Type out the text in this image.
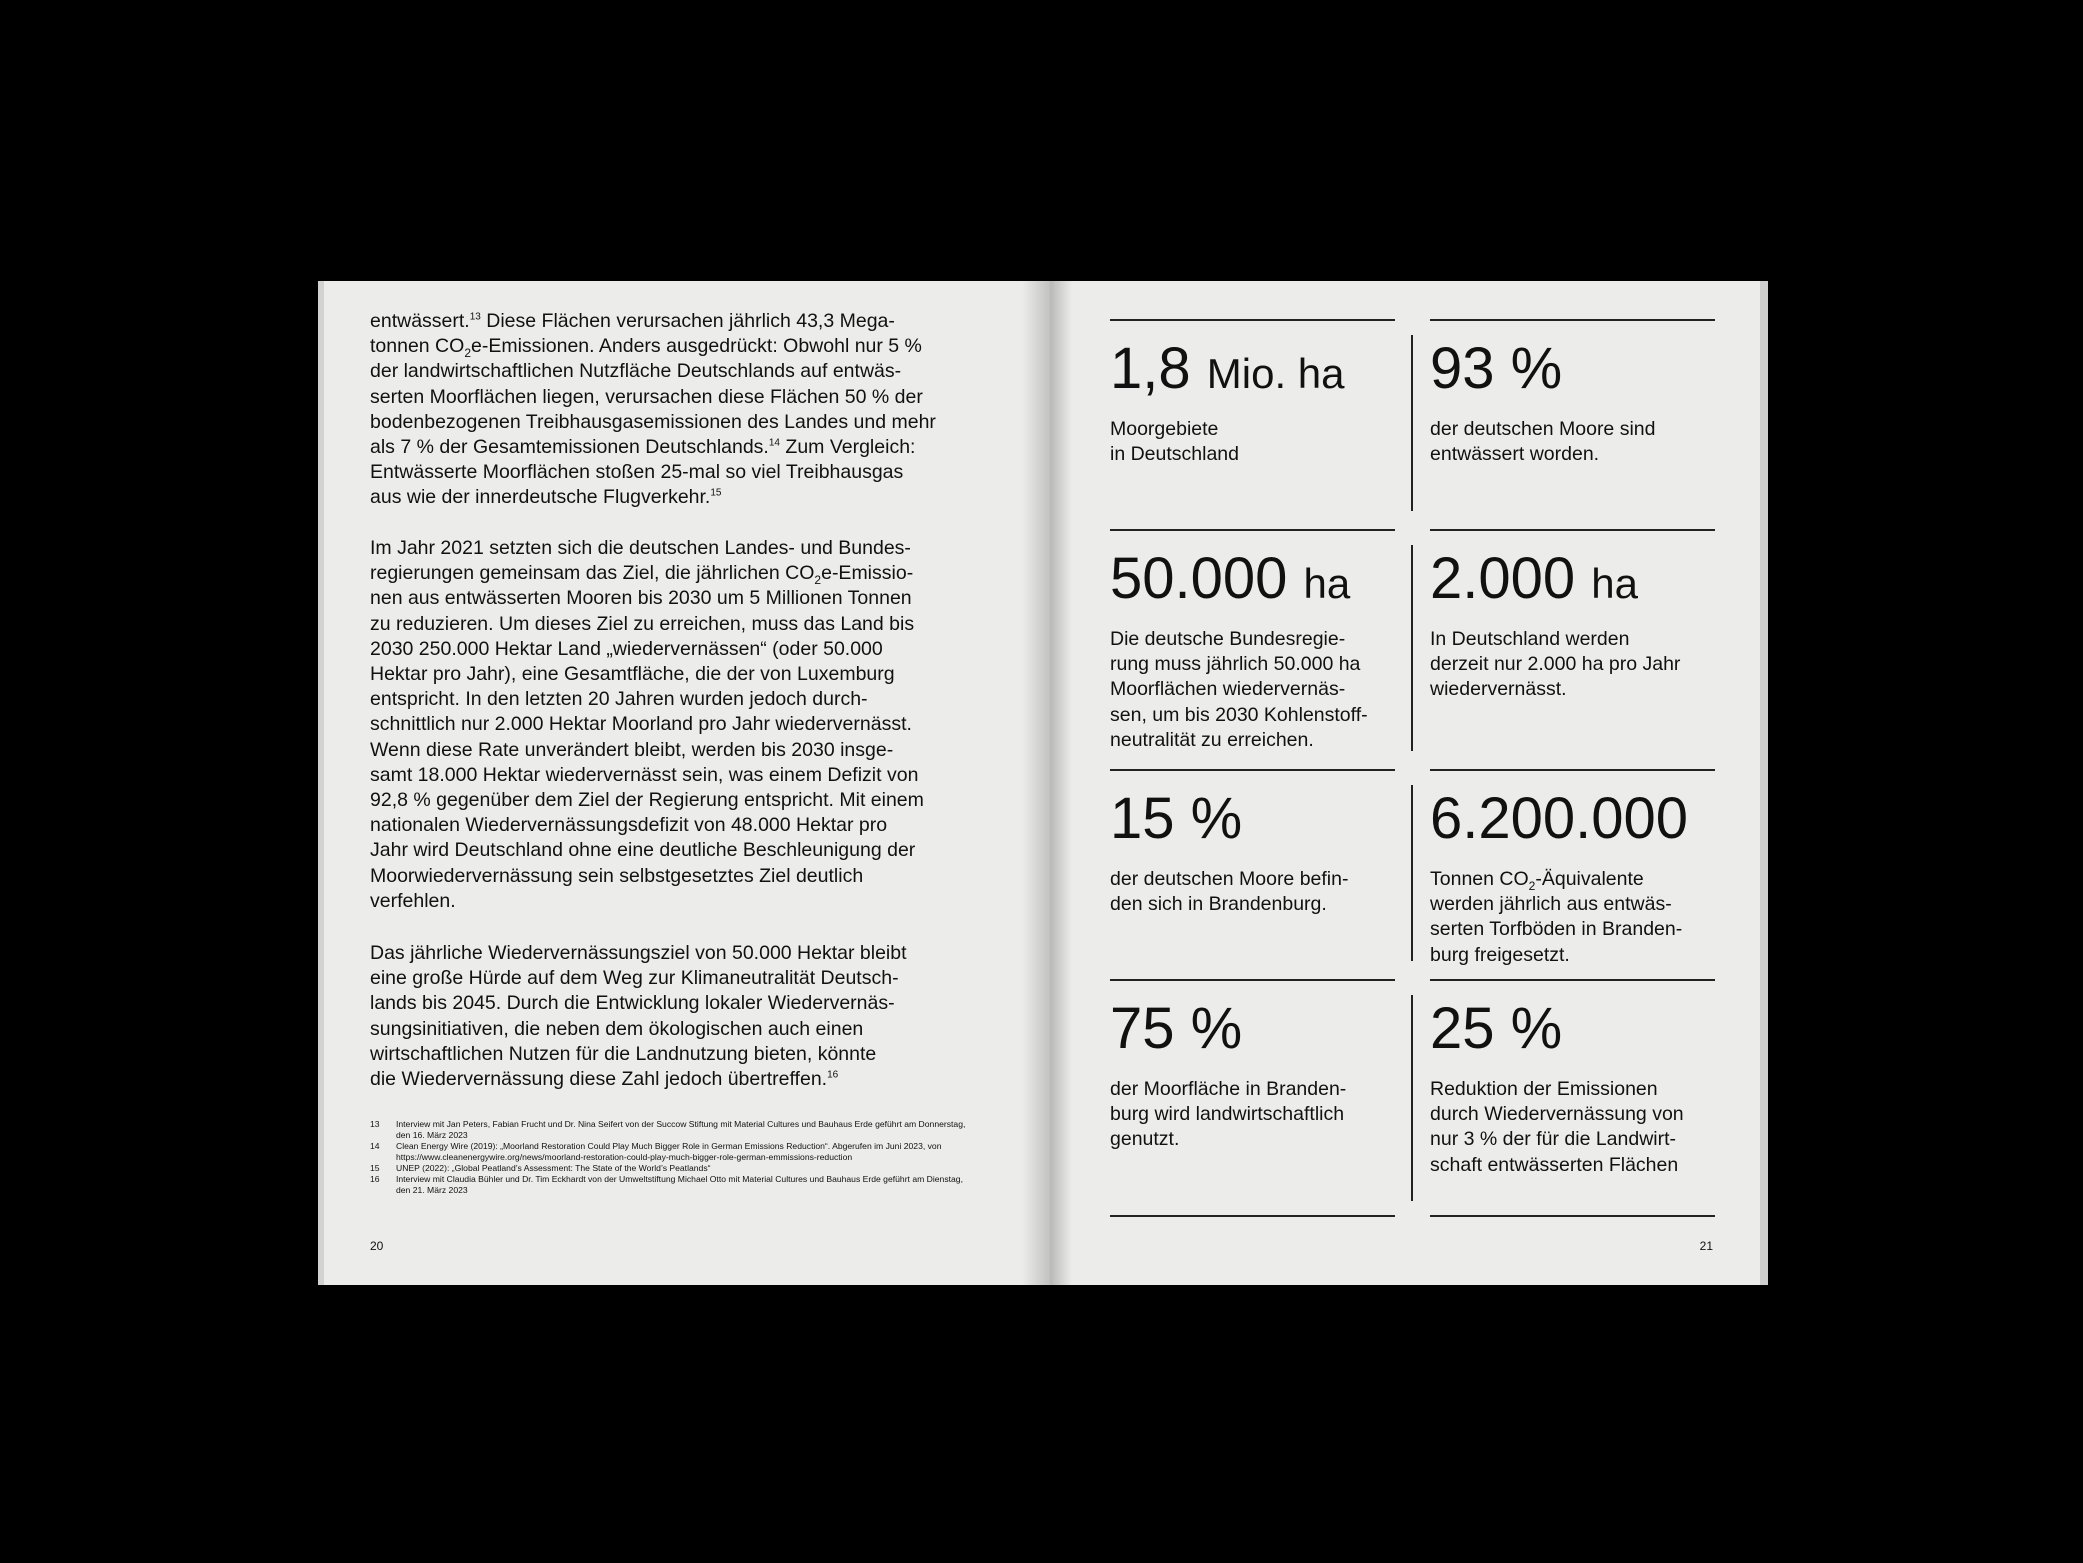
entwässert.$^{13}$ Diese Flächen verursachen jährlich 43,3 Mega-
tonnen $CO_2e$-Emissionen. Anders ausgedrückt: Obwohl nur 5 %
der landwirtschaftlichen Nutzfläche Deutschlands auf entwäs-
serten Moorflächen liegen, verursachen diese Flächen 50 % der
bodenbezogenen Treibhausgasemissionen des Landes und mehr
als 7 % der Gesamtemissionen Deutschlands.$^{14}$ Zum Vergleich:
Entwässerte Moorflächen stoßen 25-mal so viel Treibhausgas
aus wie der innerdeutsche Flugverkehr.$^{15}$
Im Jahr 2021 setzten sich die deutschen Landes- und Bundes-
regierungen gemeinsam das Ziel, die jährlichen $CO_2e-Emissio-$
nen aus entwässerten Mooren bis 2030 um 5 Millionen Tonnen
zu reduzieren. Um dieses Ziel zu erreichen, muss das Land bis
2030 250.000 Hektar Land „wiedervernässen“ (oder 50.000
Hektar pro Jahr), eine Gesamtfläche, die der von Luxemburg
entspricht. In den letzten 20 Jahren wurden jedoch durch-
schnittlich nur 2.000 Hektar Moorland pro Jahr wiedervernässt.
Wenn diese Rate unverändert bleibt, werden bis 2030 insge-
samt 18.000 Hektar wiedervernässt sein, was einem Defizit von
92,8 % gegenüber dem Ziel der Regierung entspricht. Mit einem
nationalen Wiedervernässungsdefizit von 48.000 Hektar pro
Jahr wird Deutschland ohne eine deutliche Beschleunigung der
Moorwiedervernässung sein selbstgesetztes Ziel deutlich
verfehlen.
Das jährliche Wiedervernässungsziel von 50.000 Hektar bleibt
eine große Hürde auf dem Weg zur Klimaneutralität Deutsch-
lands bis 2045. Durch die Entwicklung lokaler Wiedervernäs-
sungsinitiativen, die neben dem ökologischen auch einen
wirtschaftlichen Nutzen für die Landnutzung bieten, könnte
die Wiedervernässung diese Zahl jedoch übertreffen.$^{16}$
13	Interview mit Jan Peters, Fabian Frucht und Dr. Nina Seifert von der Succow Stiftung mit Material Cultures und Bauhaus Erde geführt am Donnerstag, den 16. März 2023
14	Clean Energy Wire (2019): „Moorland Restoration Could Play Much Bigger Role in German Emissions Reduction“. Abgerufen im Juni 2023, von https://www.cleanenergywire.org/news/moorland-restoration-could-play-much-bigger-role-german-emmissions-reduction
15	UNEP (2022): „Global Peatland’s Assessment: The State of the World’s Peatlands“
16	Interview mit Claudia Bühler und Dr. Tim Eckhardt von der Umweltstiftung Michael Otto mit Material Cultures und Bauhaus Erde geführt am Dienstag, den 21. März 2023
20
1,8 Mio. ha
Moorgebiete
in Deutschland
93 %
der deutschen Moore sind
entwässert worden.
50.000 ha
Die deutsche Bundesregie-
rung muss jährlich 50.000 ha
Moorflächen wiedervernäs-
sen, um bis 2030 Kohlenstoff-
neutralität zu erreichen.
2.000 ha
In Deutschland werden
derzeit nur 2.000 ha pro Jahr
wiedervernässt.
15 %
der deutschen Moore befin-
den sich in Brandenburg.
6.200.000
Tonnen $CO_2$-Äquivalente
werden jährlich aus entwäs-
serten Torfböden in Branden-
burg freigesetzt.
75 %
der Moorfläche in Branden-
burg wird landwirtschaftlich
genutzt.
25 %
Reduktion der Emissionen
durch Wiedervernässung von
nur 3 % der für die Landwirt-
schaft entwässerten Flächen
21
